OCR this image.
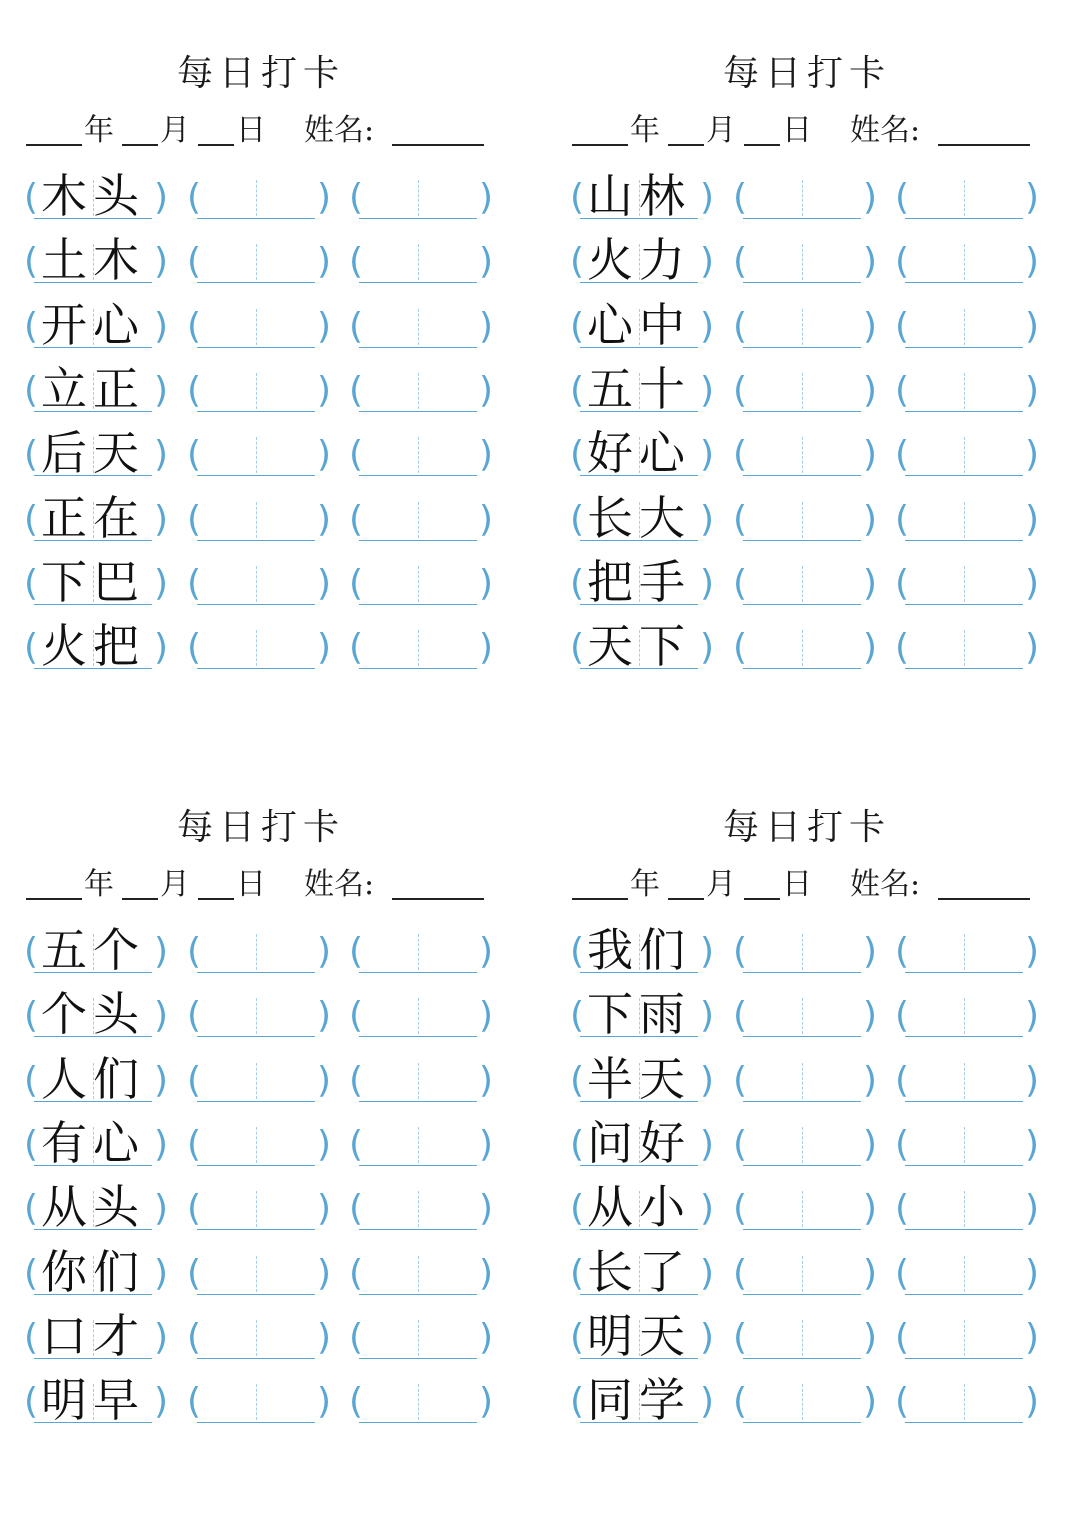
每日打卡
年 月 日 姓名:
( 木头 ) (	) (	)
( 土木 ) (	) (	)
( 开心 ) (	) (	)
( 立正 ) (	) (	)
( 后天 ) (	) (	)
( 正在 ) (	) (	)
( 下巴 ) (	) (	)
( 火把 ) (	) (	)
每日打卡
年 月 日 姓名:
( 山林 ) (	) (	)
( 火力 ) (	) (	)
( 心中 ) (	) (	)
( 五十 ) (	) (	)
( 好心 ) (	) (	)
( 长大 ) (	) (	)
( 把手 ) (	) (	)
( 天下 ) (	) (	)
每日打卡
年 月 日 姓名:
( 五个 ) (	) (	)
( 个头 ) (	) (	)
( 人们 ) (	) (	)
( 有心 ) (	) (	)
( 从头 ) (	) (	)
( 你们 ) (	) (	)
( 口才 ) (	) (	)
( 明早 ) (	) (	)
每日打卡
年 月 日 姓名:
( 我们 ) (	) (	)
( 下雨 ) (	) (	)
( 半天 ) (	) (	)
( 问好 ) (	) (	)
( 从小 ) (	) (	)
( 长了 ) (	) (	)
( 明天 ) (	) (	)
( 同学 ) (	) (	)
